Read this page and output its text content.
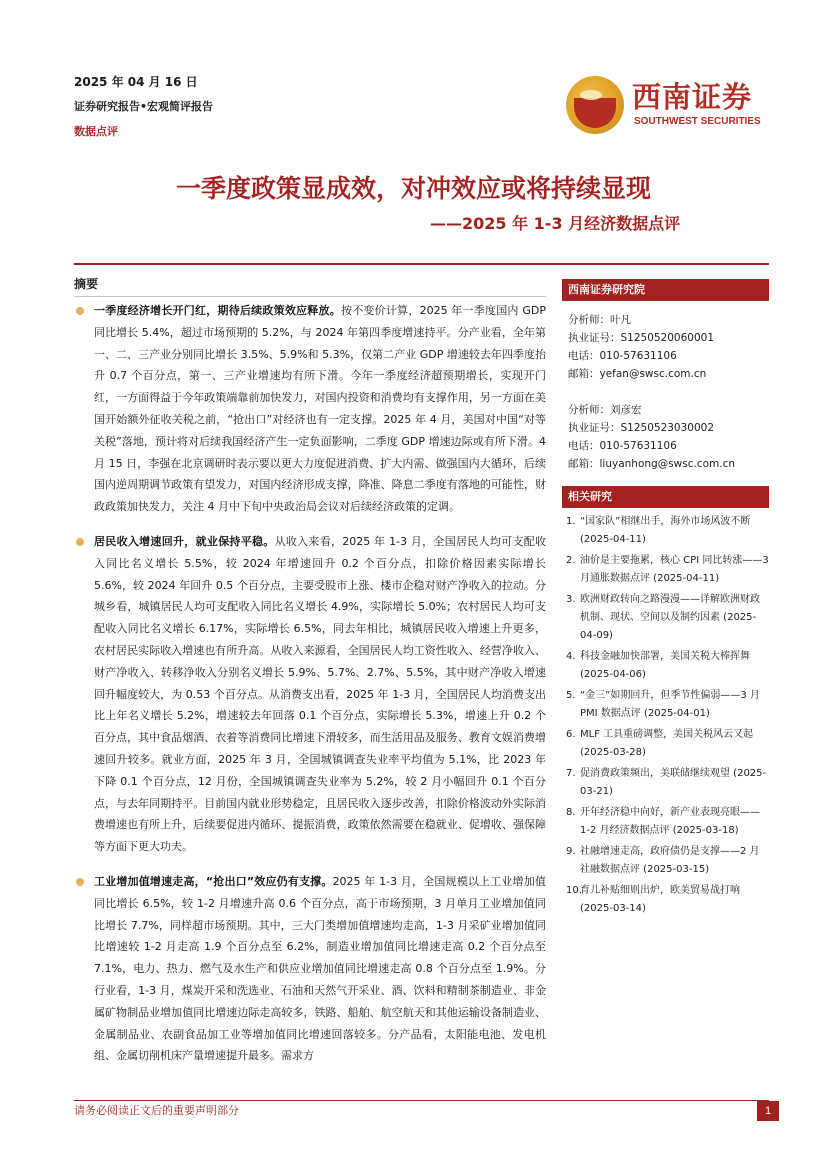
2025 年 04 月 16 日
证券研究报告•宏观简评报告
数据点评
西南证券
SOUTHWEST SECURITIES
一季度政策显成效，对冲效应或将持续显现
——2025 年 1-3 月经济数据点评
摘要
一季度经济增长开门红，期待后续政策效应释放。按不变价计算，2025 年一季度国内 GDP 同比增长 5.4%，超过市场预期的 5.2%，与 2024 年第四季度增速持平。分产业看，全年第一、二、三产业分别同比增长 3.5%、5.9%和 5.3%，仅第二产业 GDP 增速较去年四季度抬升 0.7 个百分点，第一、三产业增速均有所下滑。今年一季度经济超预期增长，实现开门红，一方面得益于今年政策端靠前加快发力，对国内投资和消费均有支撑作用，另一方面在美国开始额外征收关税之前，“抢出口”对经济也有一定支撑。2025 年 4 月，美国对中国“对等关税”落地，预计将对后续我国经济产生一定负面影响，二季度 GDP 增速边际或有所下滑。4 月 15 日，李强在北京调研时表示要以更大力度促进消费、扩大内需、做强国内大循环，后续国内逆周期调节政策有望发力，对国内经济形成支撑，降准、降息二季度有落地的可能性，财政政策加快发力，关注 4 月中下旬中央政治局会议对后续经济政策的定调。
居民收入增速回升，就业保持平稳。从收入来看，2025 年 1-3 月，全国居民人均可支配收入同比名义增长 5.5%，较 2024 年增速回升 0.2 个百分点，扣除价格因素实际增长 5.6%，较 2024 年回升 0.5 个百分点，主要受股市上涨、楼市企稳对财产净收入的拉动。分城乡看，城镇居民人均可支配收入同比名义增长 4.9%，实际增长 5.0%；农村居民人均可支配收入同比名义增长 6.17%，实际增长 6.5%，同去年相比，城镇居民收入增速上升更多，农村居民实际收入增速也有所升高。从收入来源看，全国居民人均工资性收入、经营净收入、财产净收入、转移净收入分别名义增长 5.9%、5.7%、2.7%、5.5%，其中财产净收入增速回升幅度较大，为 0.53 个百分点。从消费支出看，2025 年 1-3 月，全国居民人均消费支出比上年名义增长 5.2%，增速较去年回落 0.1 个百分点，实际增长 5.3%，增速上升 0.2 个百分点，其中食品烟酒、衣着等消费同比增速下滑较多，而生活用品及服务、教育文娱消费增速回升较多。就业方面，2025 年 3 月，全国城镇调查失业率平均值为 5.1%，比 2023 年下降 0.1 个百分点，12 月份，全国城镇调查失业率为 5.2%，较 2 月小幅回升 0.1 个百分点，与去年同期持平。目前国内就业形势稳定，且居民收入逐步改善，扣除价格波动外实际消费增速也有所上升，后续要促进内循环、提振消费，政策依然需要在稳就业、促增收、强保障等方面下更大功夫。
工业增加值增速走高，“抢出口”效应仍有支撑。2025 年 1-3 月，全国规模以上工业增加值同比增长 6.5%，较 1-2 月增速升高 0.6 个百分点，高于市场预期，3 月单月工业增加值同比增长 7.7%，同样超市场预期。其中，三大门类增加值增速均走高，1-3 月采矿业增加值同比增速较 1-2 月走高 1.9 个百分点至 6.2%，制造业增加值同比增速走高 0.2 个百分点至 7.1%，电力、热力、燃气及水生产和供应业增加值同比增速走高 0.8 个百分点至 1.9%。分行业看，1-3 月，煤炭开采和洗选业、石油和天然气开采业、酒、饮料和精制茶制造业、非金属矿物制品业增加值同比增速边际走高较多，铁路、船舶、航空航天和其他运输设备制造业、金属制品业、农副食品加工业等增加值同比增速回落较多。分产品看，太阳能电池、发电机组、金属切削机床产量增速提升最多。需求方
西南证券研究院
分析师：叶凡
执业证号：S1250520060001
电话：010-57631106
邮箱：yefan@swsc.com.cn
分析师：刘彦宏
执业证号：S1250523030002
电话：010-57631106
邮箱：liuyanhong@swsc.com.cn
相关研究
1. “国家队”相继出手，海外市场风波不断 (2025-04-11)
2. 油价是主要拖累，核心 CPI 同比转涨——3 月通胀数据点评 (2025-04-11)
3. 欧洲财政转向之路漫漫——详解欧洲财政机制、现状、空间以及制约因素 (2025-04-09)
4. 科技金融加快部署，美国关税大棒挥舞 (2025-04-06)
5. “金三”如期回升，但季节性偏弱——3 月 PMI 数据点评 (2025-04-01)
6. MLF 工具重磅调整，美国关税风云又起 (2025-03-28)
7. 促消费政策频出，美联储继续观望 (2025-03-21)
8. 开年经济稳中向好，新产业表现亮眼——1-2 月经济数据点评 (2025-03-18)
9. 社融增速走高，政府债仍是支撑——2 月社融数据点评 (2025-03-15)
10.
育儿补贴细则出炉，欧美贸易战打响 (2025-03-14)
请务必阅读正文后的重要声明部分	1
